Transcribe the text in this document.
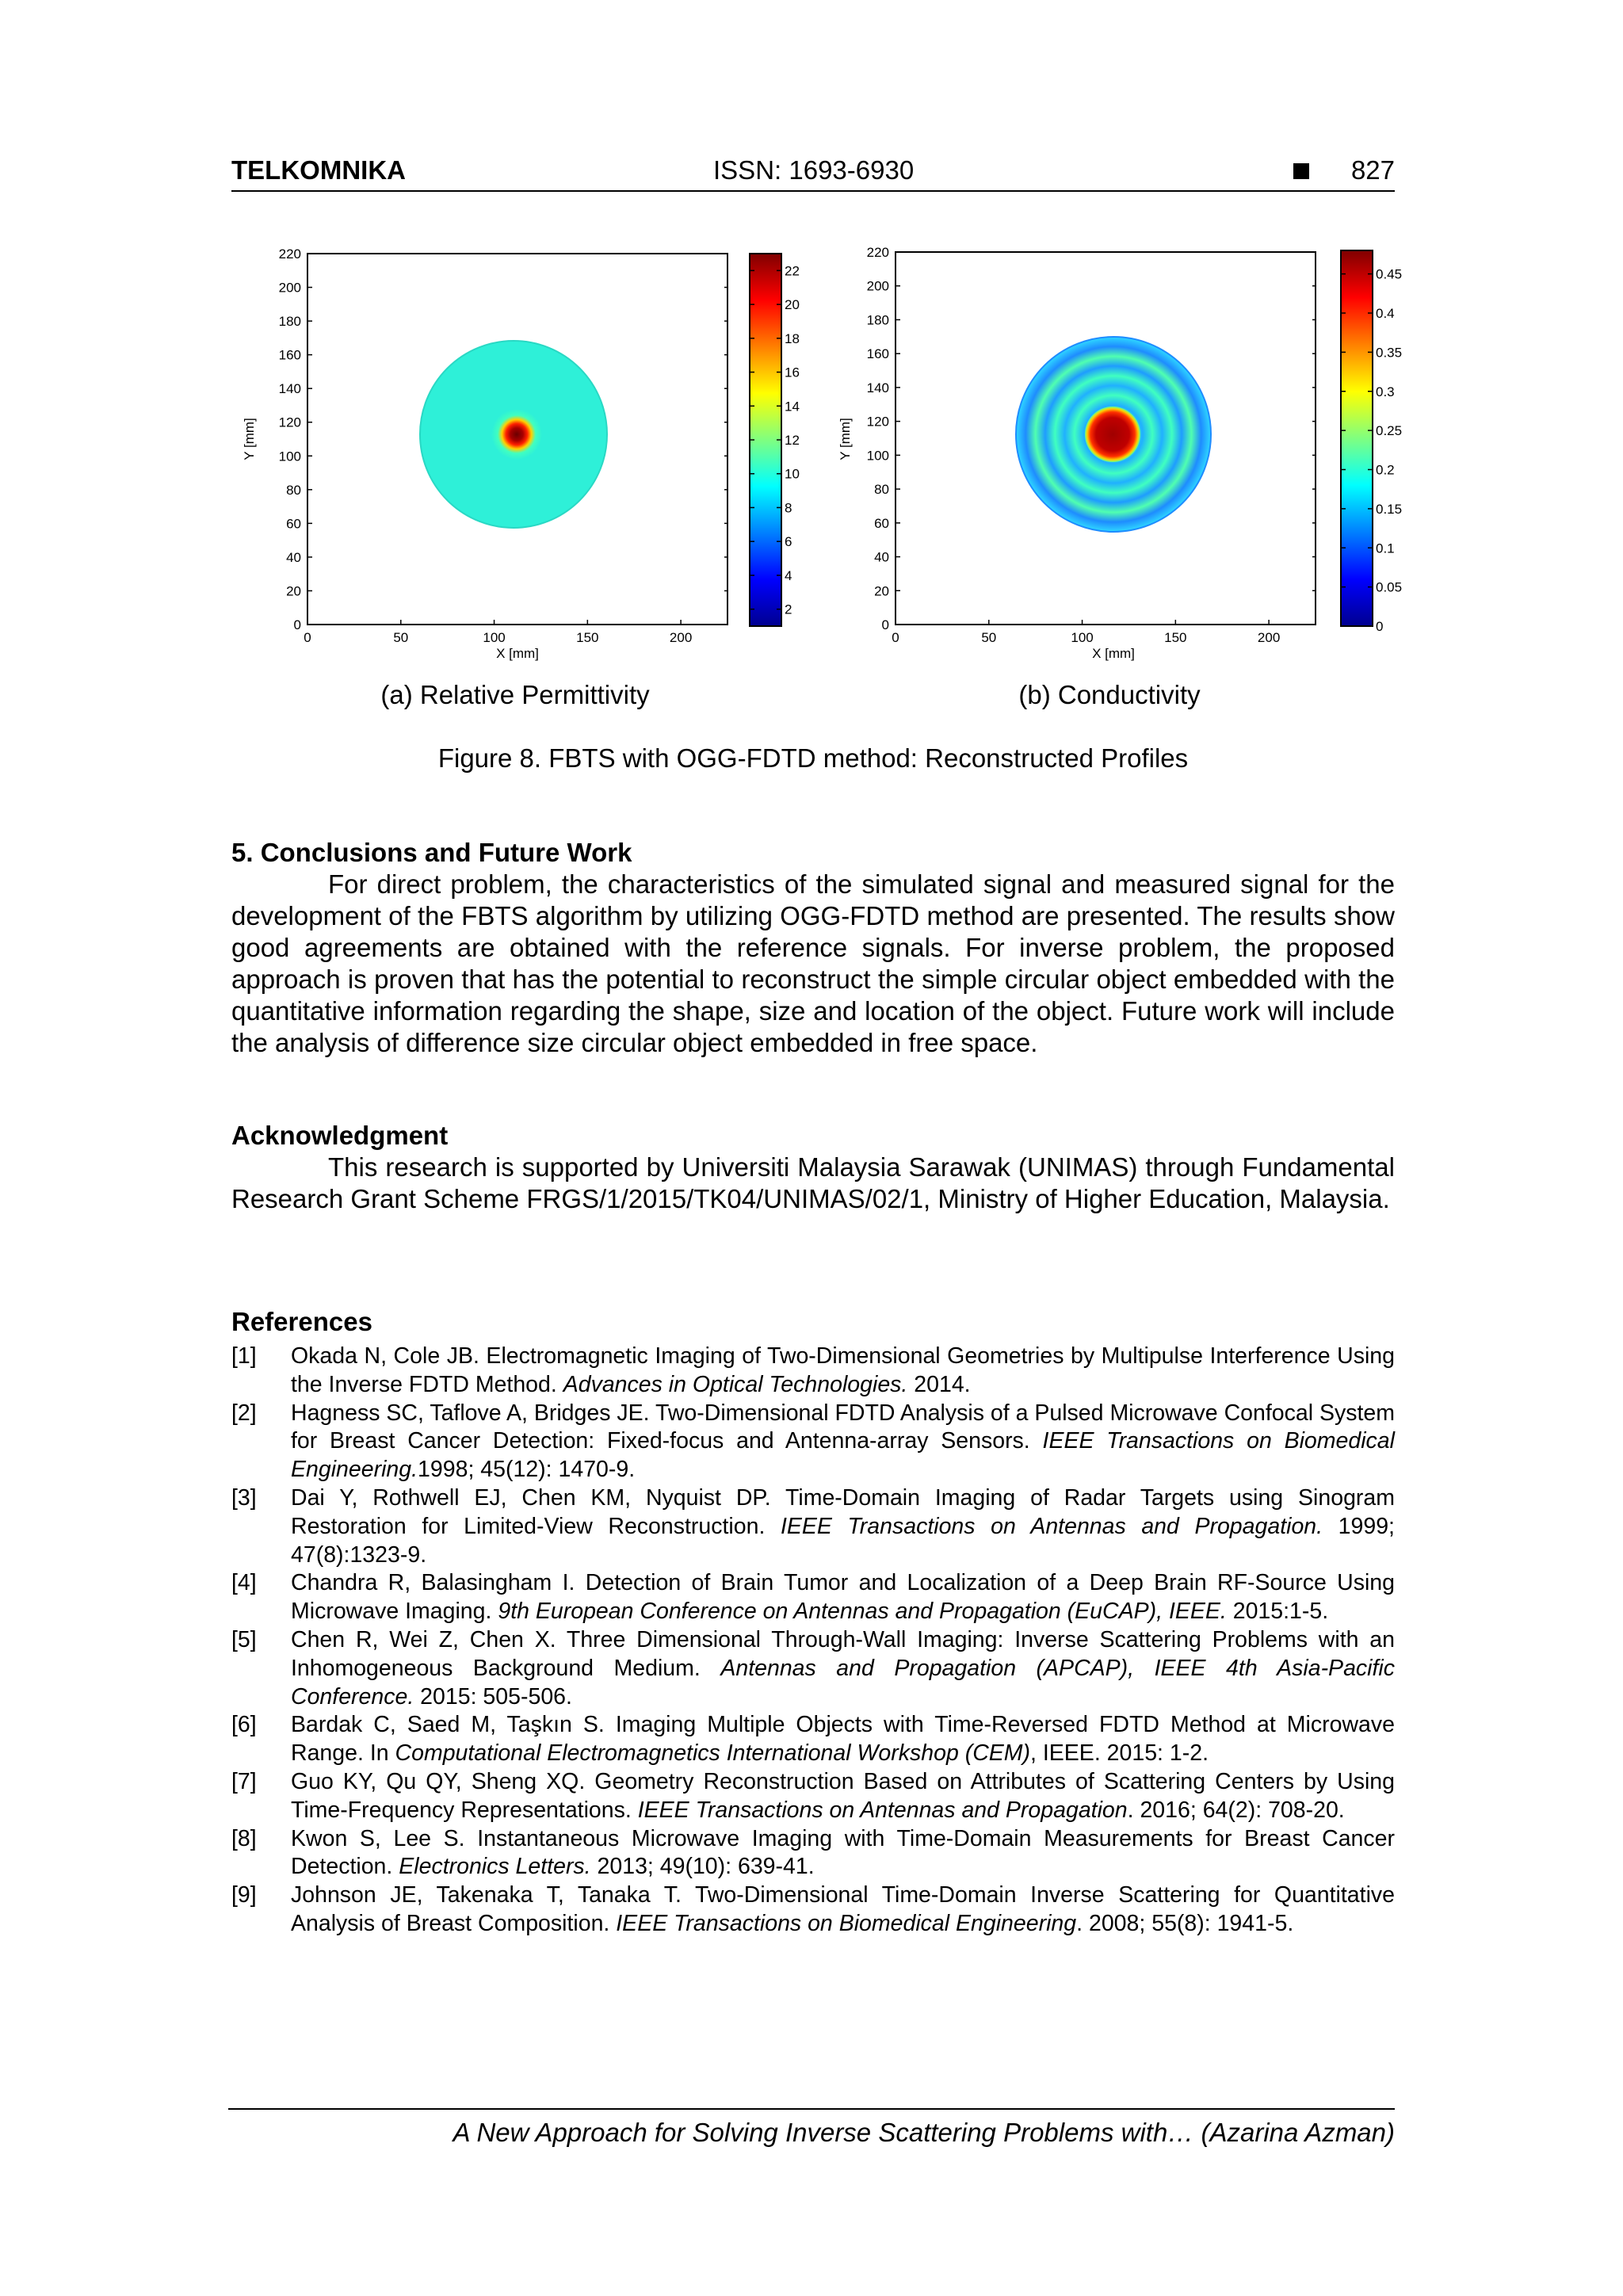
TELKOMNIKA	ISSN: 1693-6930	827
0
20
40
60
80
100
120
140
160
180
200
220
0	50	100	150	200
Y [mm]
X [mm]
2
4
6
8
10
12
14
16
18
20
22
(a) Relative Permittivity
0
20
40
60
80
100
120
140
160
180
200
220
0	50	100	150	200
Y [mm]
X [mm]
0
0.05
0.1
0.15
0.2
0.25
0.3
0.35
0.4
0.45
(b) Conductivity
Figure 8. FBTS with OGG-FDTD method: Reconstructed Profiles
5. Conclusions and Future Work

For direct problem, the characteristics of the simulated signal and measured signal for the development of the FBTS algorithm by utilizing OGG-FDTD method are presented. The results show good agreements are obtained with the reference signals. For inverse problem, the proposed approach is proven that has the potential to reconstruct the simple circular object embedded with the quantitative information regarding the shape, size and location of the object. Future work will include the analysis of difference size circular object embedded in free space.

Acknowledgment

This research is supported by Universiti Malaysia Sarawak (UNIMAS) through Fundamental Research Grant Scheme FRGS/1/2015/TK04/UNIMAS/02/1, Ministry of Higher Education, Malaysia.

References
[1] Okada N, Cole JB. Electromagnetic Imaging of Two-Dimensional Geometries by Multipulse Interference Using the Inverse FDTD Method. Advances in Optical Technologies. 2014.
[2] Hagness SC, Taflove A, Bridges JE. Two-Dimensional FDTD Analysis of a Pulsed Microwave Confocal System for Breast Cancer Detection: Fixed-focus and Antenna-array Sensors. IEEE Transactions on Biomedical Engineering.1998; 45(12): 1470-9.
[3] Dai Y, Rothwell EJ, Chen KM, Nyquist DP. Time-Domain Imaging of Radar Targets using Sinogram Restoration for Limited-View Reconstruction. IEEE Transactions on Antennas and Propagation. 1999; 47(8):1323-9.
[4] Chandra R, Balasingham I. Detection of Brain Tumor and Localization of a Deep Brain RF-Source Using Microwave Imaging. 9th European Conference on Antennas and Propagation (EuCAP), IEEE. 2015:1-5.
[5] Chen R, Wei Z, Chen X. Three Dimensional Through-Wall Imaging: Inverse Scattering Problems with an Inhomogeneous Background Medium. Antennas and Propagation (APCAP), IEEE 4th Asia-Pacific Conference. 2015: 505-506.
[6] Bardak C, Saed M, Taşkın S. Imaging Multiple Objects with Time-Reversed FDTD Method at Microwave Range. In Computational Electromagnetics International Workshop (CEM), IEEE. 2015: 1-2.
[7] Guo KY, Qu QY, Sheng XQ. Geometry Reconstruction Based on Attributes of Scattering Centers by Using Time-Frequency Representations. IEEE Transactions on Antennas and Propagation. 2016; 64(2): 708-20.
[8] Kwon S, Lee S. Instantaneous Microwave Imaging with Time-Domain Measurements for Breast Cancer Detection. Electronics Letters. 2013; 49(10): 639-41.
[9] Johnson JE, Takenaka T, Tanaka T. Two-Dimensional Time-Domain Inverse Scattering for Quantitative Analysis of Breast Composition. IEEE Transactions on Biomedical Engineering. 2008; 55(8): 1941-5.
A New Approach for Solving Inverse Scattering Problems with… (Azarina Azman)
